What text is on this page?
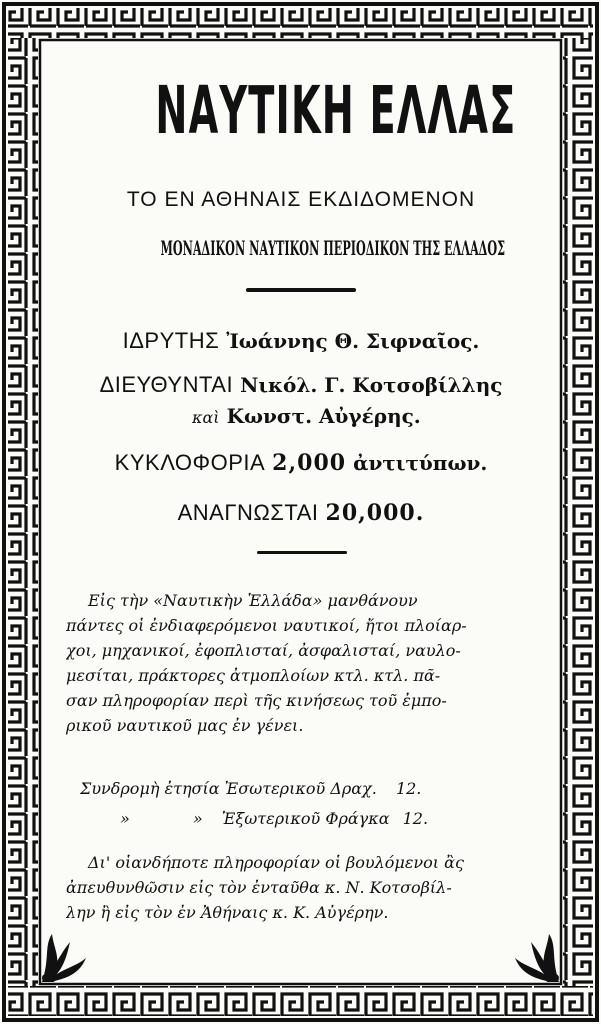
ΝΑΥΤΙΚΗ ΕΛΛΑΣ
ΤΟ ΕΝ ΑΘΗΝΑΙΣ ΕΚΔΙΔΟΜΕΝΟΝ
ΜΟΝΑΔΙΚΟΝ ΝΑΥΤΙΚΟΝ ΠΕΡΙΟΔΙΚΟΝ ΤΗΣ ΕΛΛΑΔΟΣ
ΙΔΡΥΤΗΣ Ἰωάννης Θ. Σιφναῖος.
ΔΙΕΥΘΥΝΤΑΙ Νικόλ. Γ. Κοτσοβίλλης
καὶ Κωνστ. Αὐγέρης.
ΚΥΚΛΟΦΟΡΙΑ 2,000 ἀντιτύπων.
ΑΝΑΓΝΩΣΤΑΙ 20,000.
Εἰς τὴν «Ναυτικὴν Ἑλλάδα» μανθάνουν
πάντες οἱ ἐνδιαφερόμενοι ναυτικοί, ἤτοι πλοίαρ-
χοι, μηχανικοί, ἐφοπλισταί, ἀσφαλισταί, ναυλο-
μεσίται, πράκτορες ἀτμοπλοίων κτλ. κτλ. πᾶ-
σαν πληροφορίαν περὶ τῆς κινήσεως τοῦ ἐμπο-
ρικοῦ ναυτικοῦ μας ἐν γένει.
Συνδρομὴ ἐτησία Ἐσωτερικοῦ Δραχ. 12.
»	» Ἐξωτερικοῦ Φράγκα 12.
Δι' οἱανδήποτε πληροφορίαν οἱ βουλόμενοι ἂς
ἀπευθυνθῶσιν εἰς τὸν ἐνταῦθα κ. Ν. Κοτσοβίλ-
λην ἢ εἰς τὸν ἐν Ἀθήναις κ. Κ. Αὐγέρην.
